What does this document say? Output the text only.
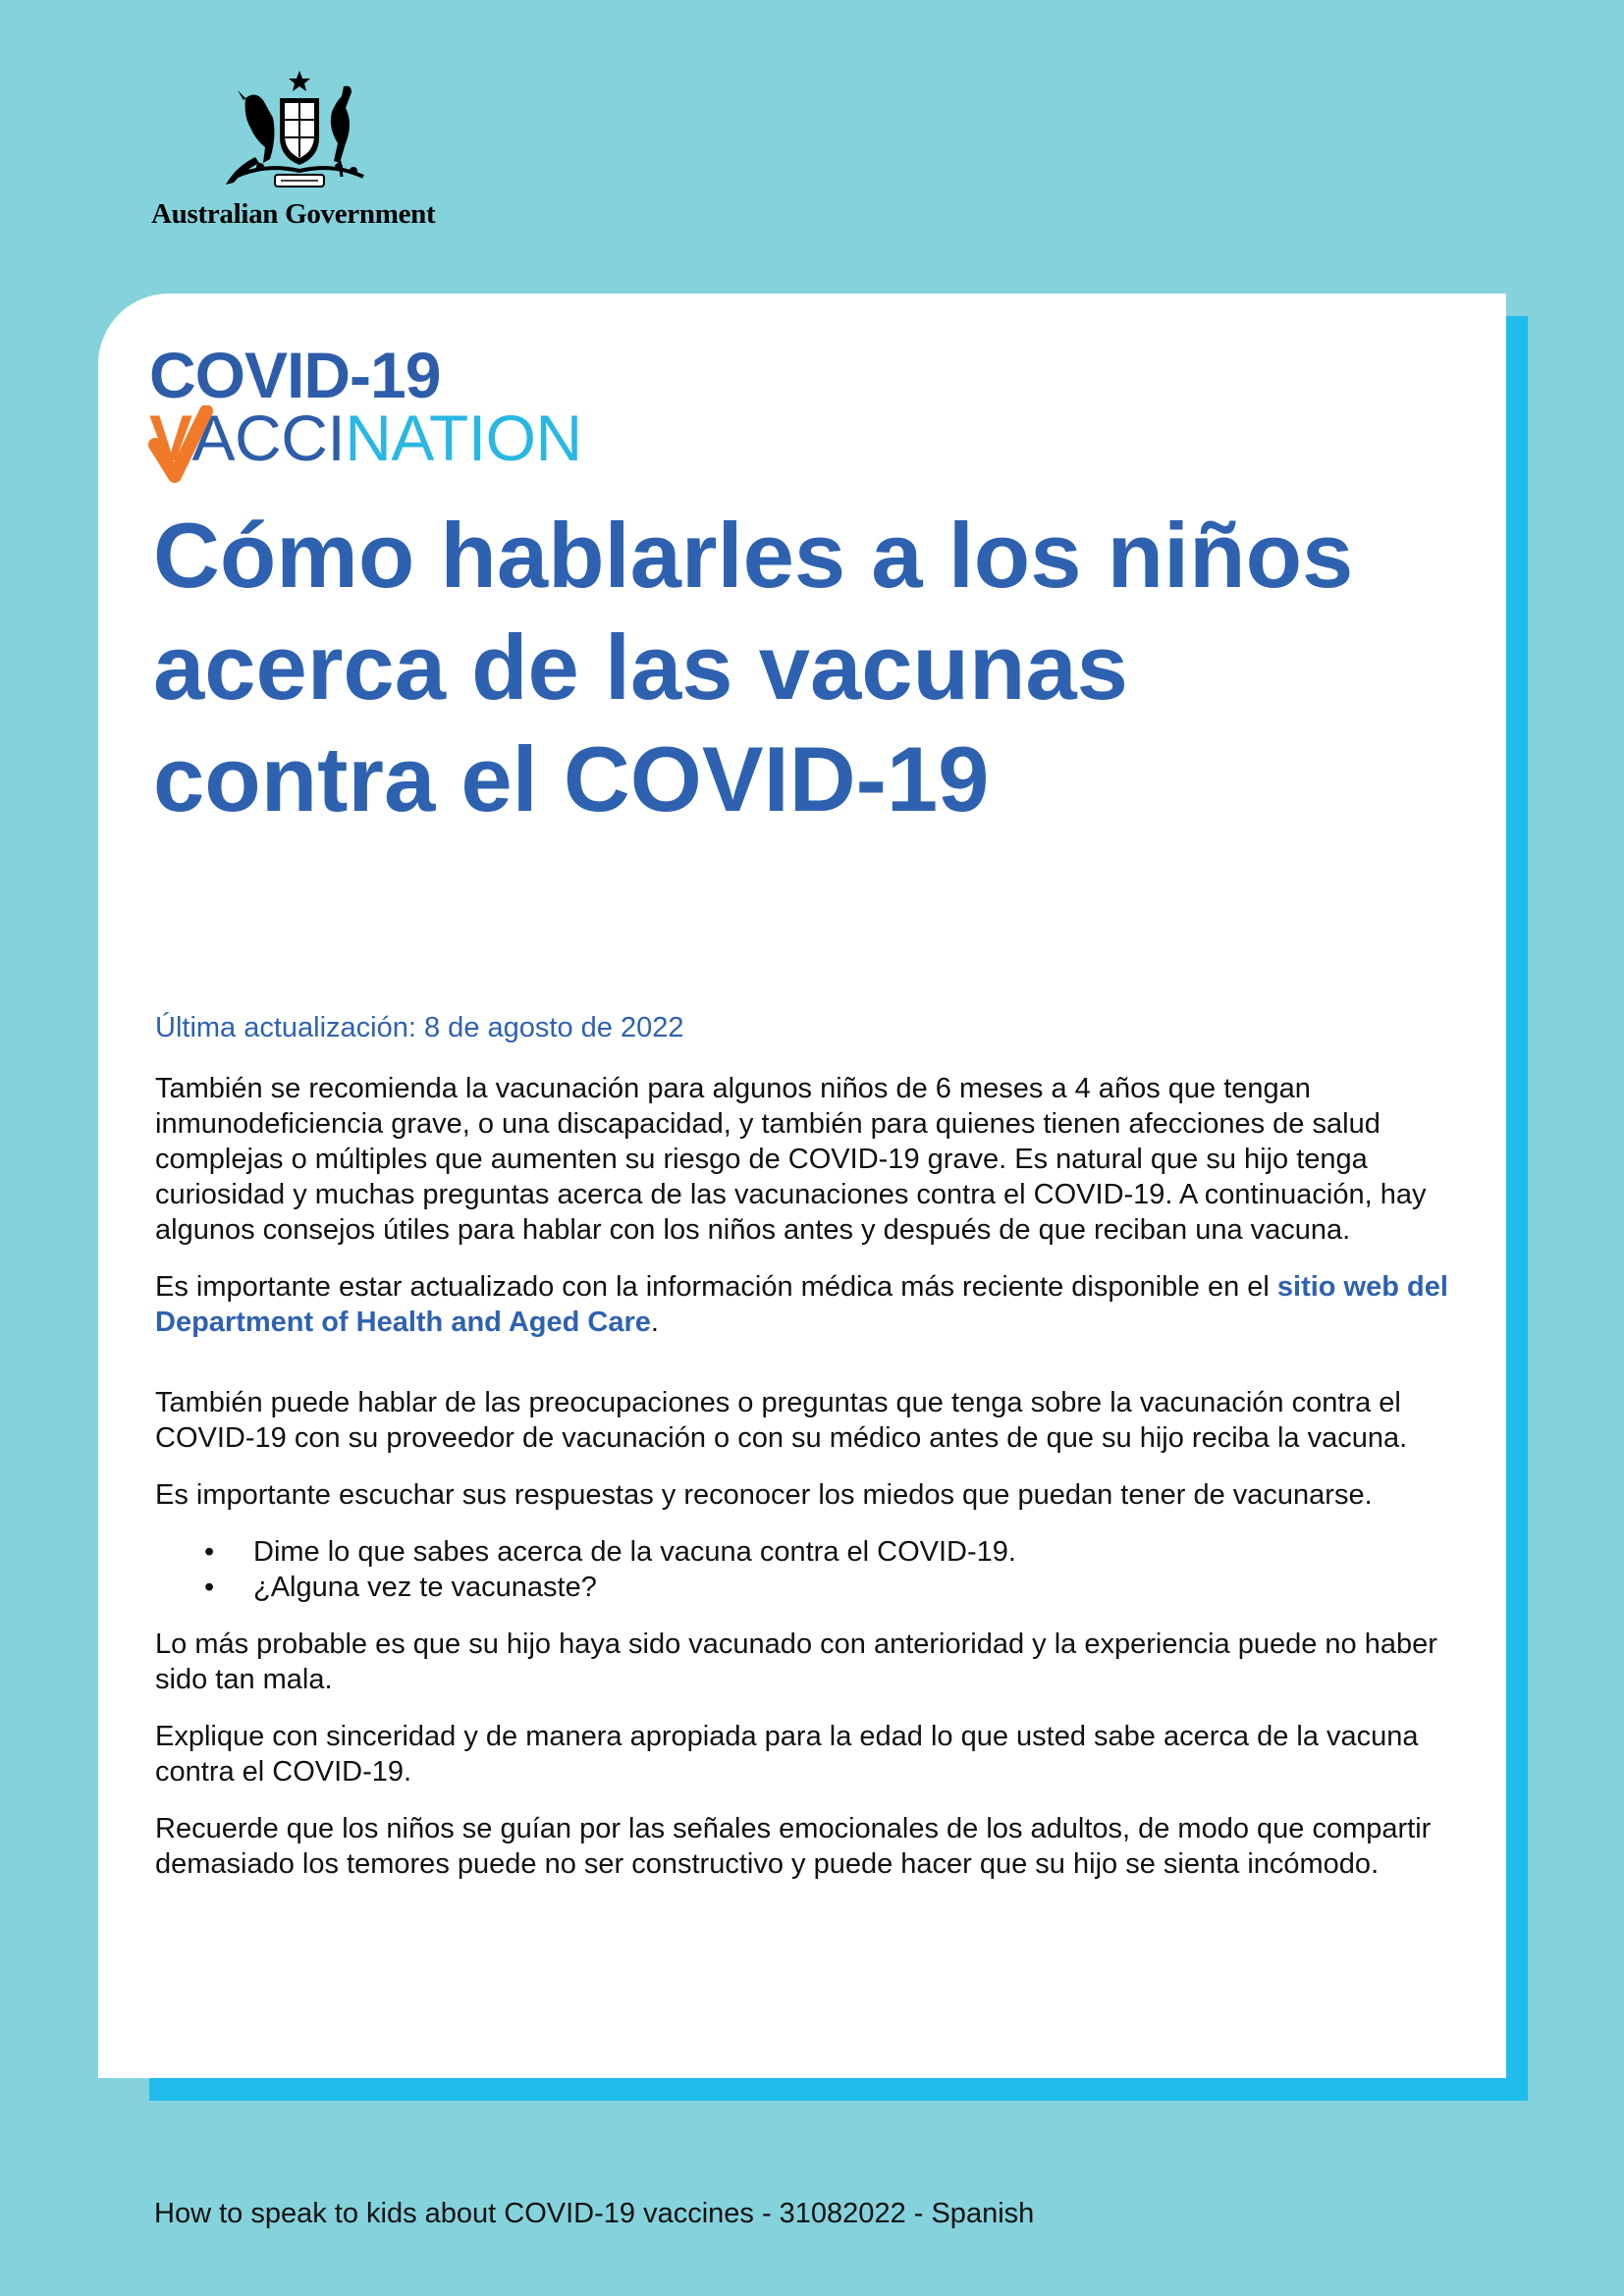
Australian Government
COVID-19
VACCINATION
Cómo hablarles a los niños acerca de las vacunas contra el COVID-19
Última actualización: 8 de agosto de 2022

También se recomienda la vacunación para algunos niños de 6 meses a 4 años que tengan inmunodeficiencia grave, o una discapacidad, y también para quienes tienen afecciones de salud complejas o múltiples que aumenten su riesgo de COVID-19 grave. Es natural que su hijo tenga curiosidad y muchas preguntas acerca de las vacunaciones contra el COVID-19. A continuación, hay algunos consejos útiles para hablar con los niños antes y después de que reciban una vacuna.

Es importante estar actualizado con la información médica más reciente disponible en el sitio web del Department of Health and Aged Care.

También puede hablar de las preocupaciones o preguntas que tenga sobre la vacunación contra el COVID-19 con su proveedor de vacunación o con su médico antes de que su hijo reciba la vacuna.

Es importante escuchar sus respuestas y reconocer los miedos que puedan tener de vacunarse.

• Dime lo que sabes acerca de la vacuna contra el COVID-19.
• ¿Alguna vez te vacunaste?

Lo más probable es que su hijo haya sido vacunado con anterioridad y la experiencia puede no haber sido tan mala.

Explique con sinceridad y de manera apropiada para la edad lo que usted sabe acerca de la vacuna contra el COVID-19.

Recuerde que los niños se guían por las señales emocionales de los adultos, de modo que compartir demasiado los temores puede no ser constructivo y puede hacer que su hijo se sienta incómodo.

How to speak to kids about COVID-19 vaccines - 31082022 - Spanish
